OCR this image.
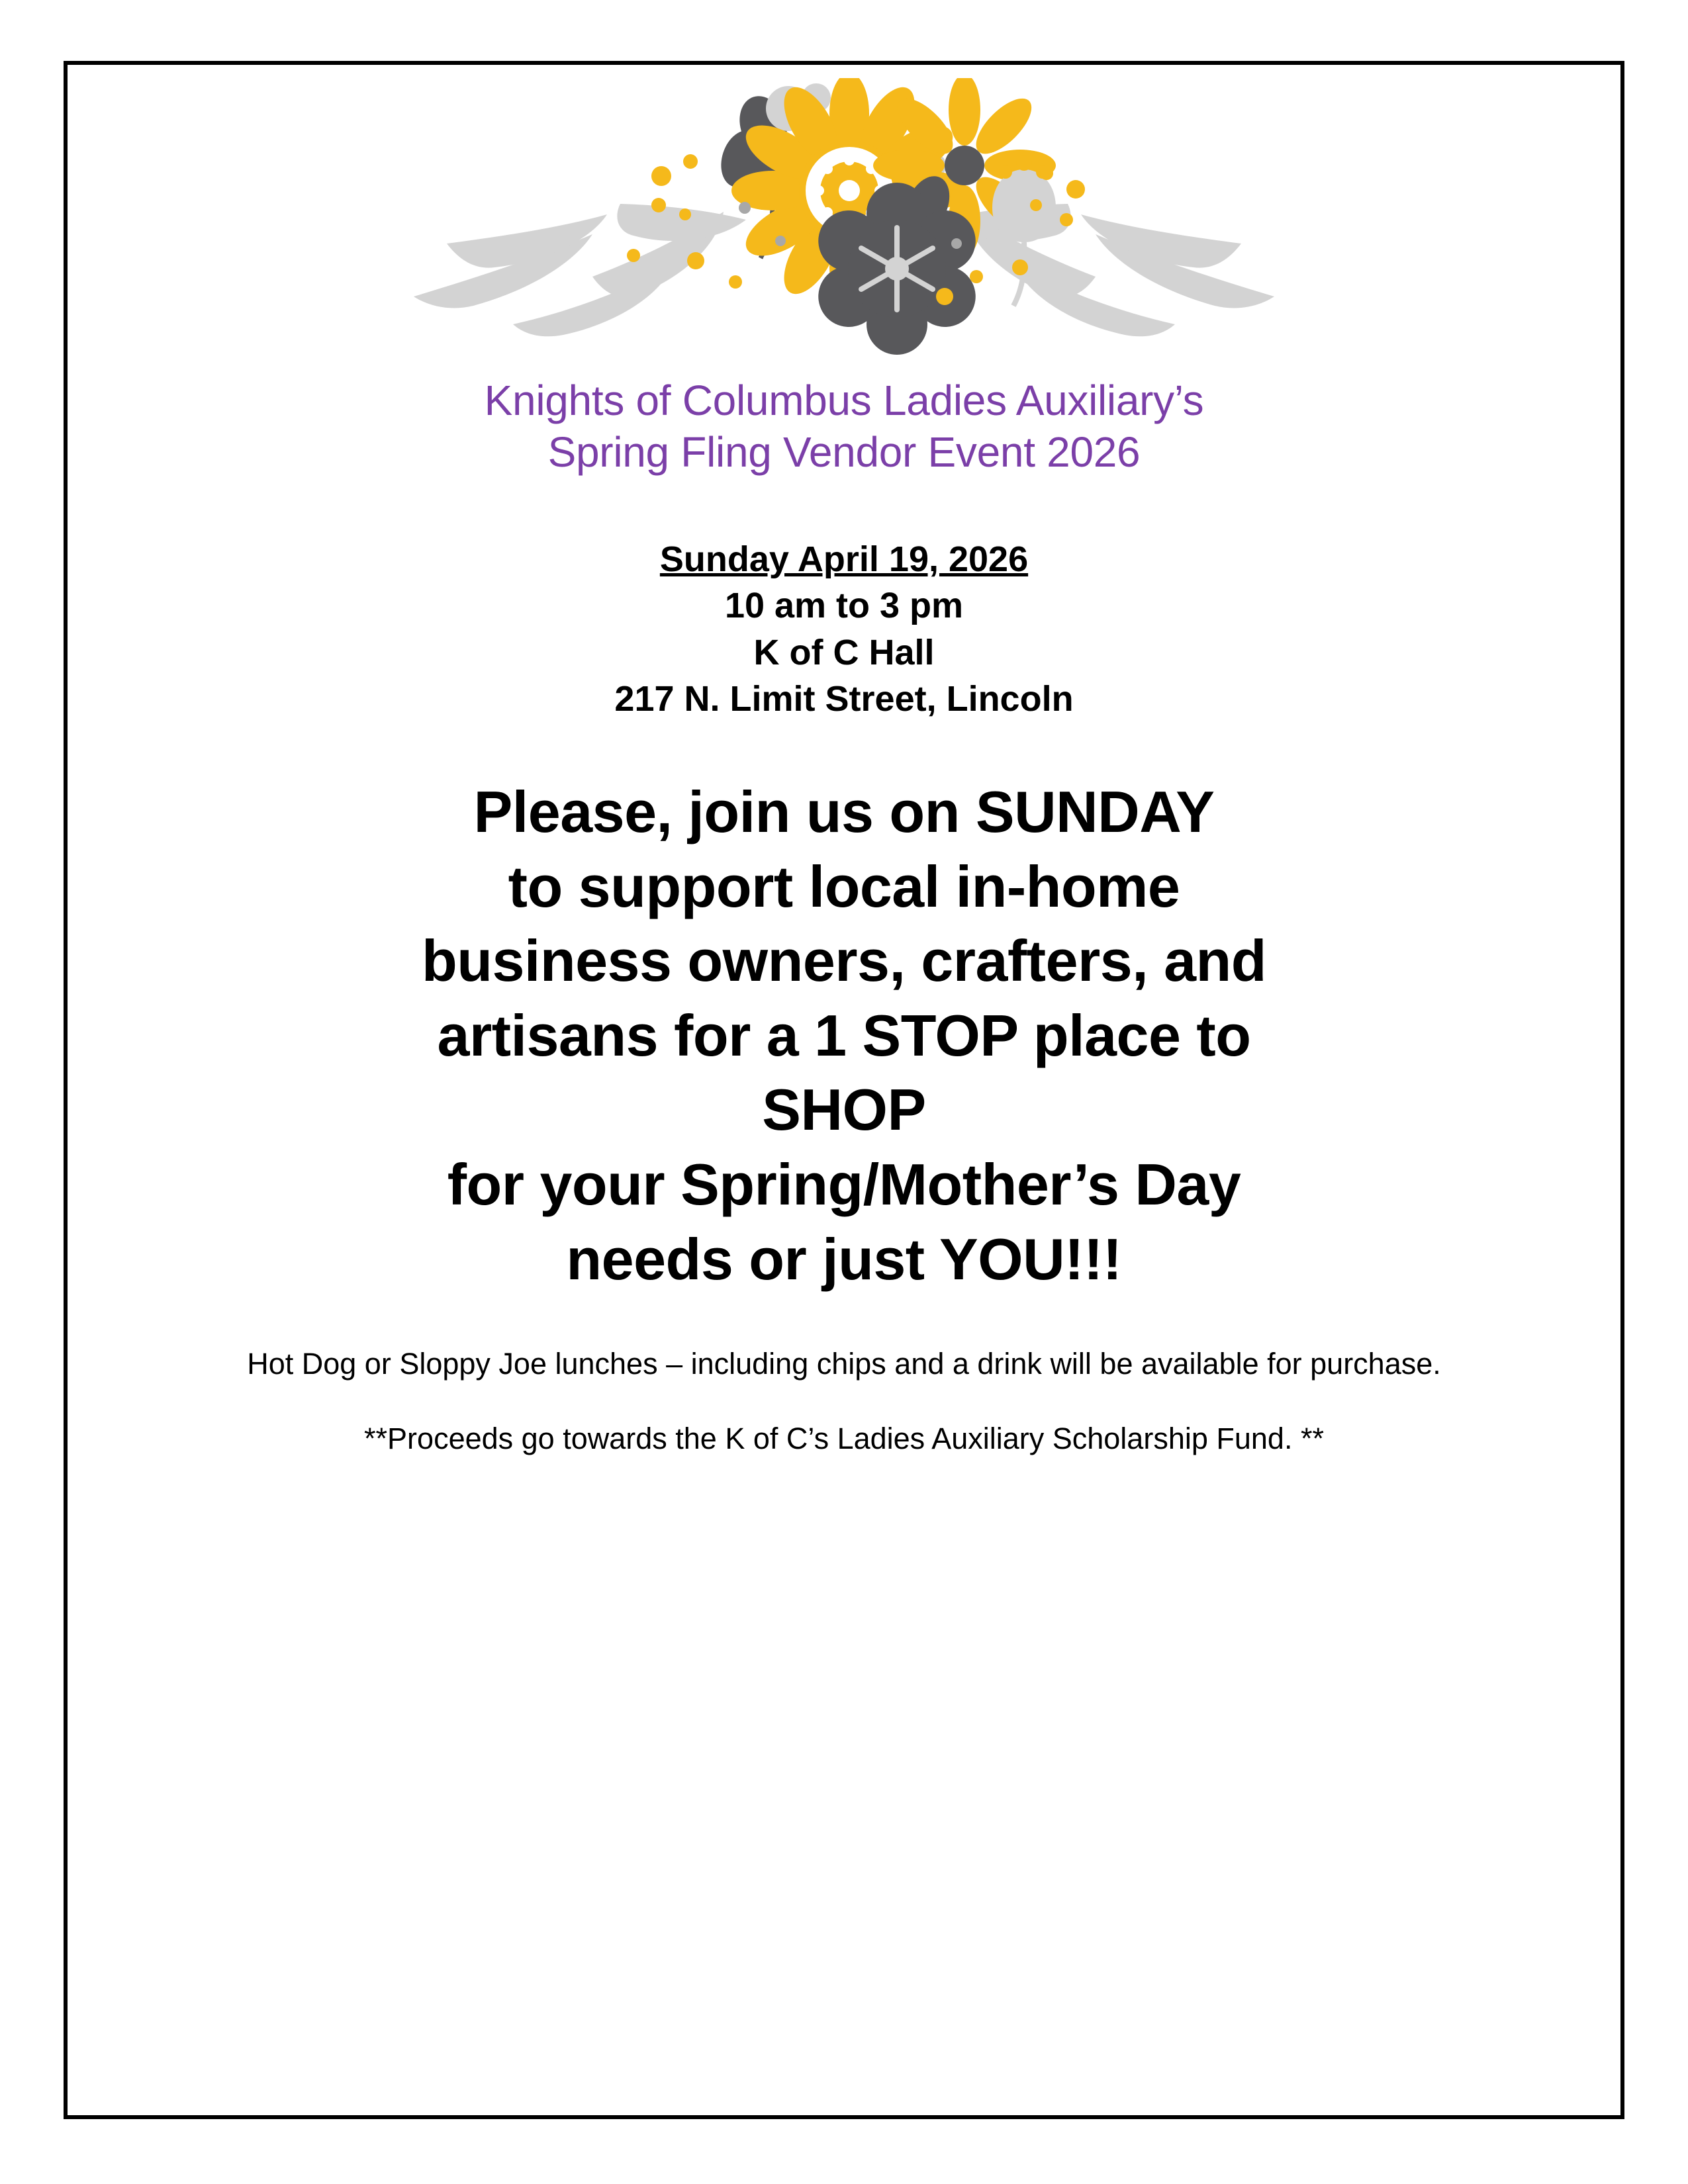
Knights of Columbus Ladies Auxiliary’s
Spring Fling Vendor Event 2026
Sunday April 19, 2026
10 am to 3 pm
K of C Hall
217 N. Limit Street, Lincoln
Please, join us on SUNDAY
to support local in-home
business owners, crafters, and
artisans for a 1 STOP place to
SHOP
for your Spring/Mother’s Day
needs or just YOU!!!
Hot Dog or Sloppy Joe lunches – including chips and a drink will be available for purchase.
**Proceeds go towards the K of C’s Ladies Auxiliary Scholarship Fund. **
